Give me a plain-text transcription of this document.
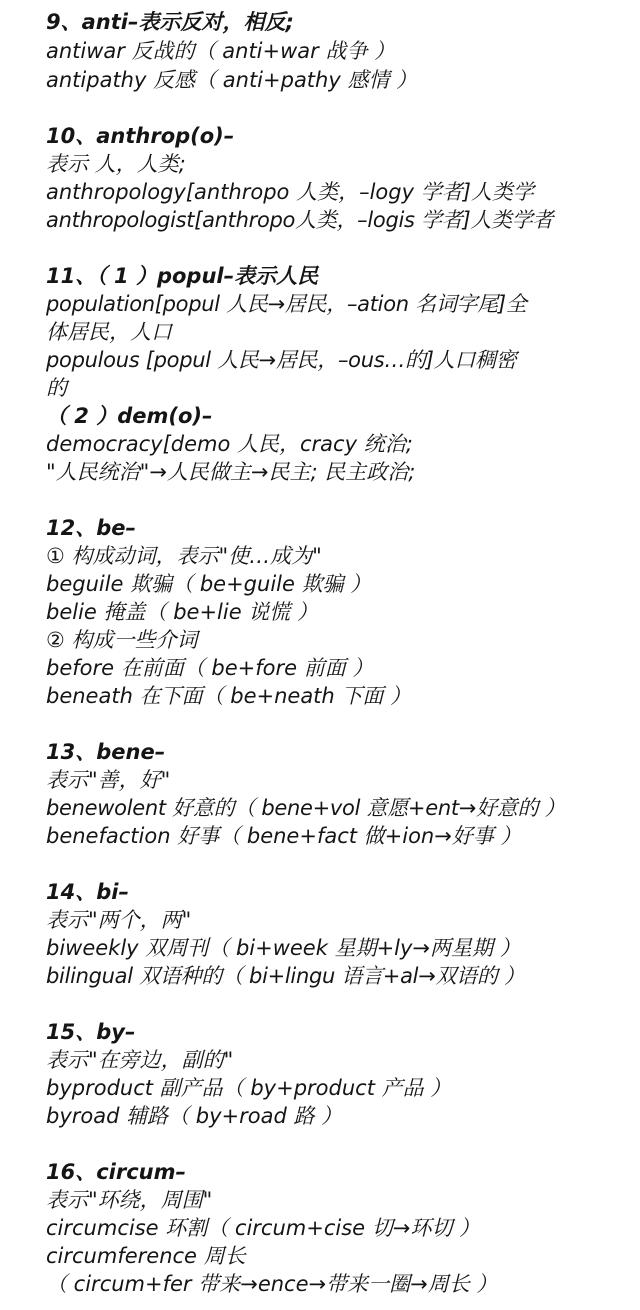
9、anti–表示反对，相反;
antiwar 反战的（ anti+war 战争 ）
antipathy 反感（ anti+pathy 感情 ）
10、anthrop(o)–
表示 人，人类;
anthropology[anthropo 人类，–logy 学者]人类学
anthropologist[anthropo人类，–logis 学者]人类学者
11、（ 1 ）popul–表示人民
population[popul 人民→居民，–ation 名词字尾]全
体居民，人口
populous [popul 人民→居民，–ous…的]人口稠密
的
（ 2 ）dem(o)–
democracy[demo 人民，cracy 统治;
"人民统治"→人民做主→民主; 民主政治;
12、be–
① 构成动词，表示"使…成为"
beguile 欺骗（ be+guile 欺骗 ）
belie 掩盖（ be+lie 说慌 ）
② 构成一些介词
before 在前面（ be+fore 前面 ）
beneath 在下面（ be+neath 下面 ）
13、bene–
表示"善，好"
benewolent 好意的（ bene+vol 意愿+ent→好意的 ）
benefaction 好事（ bene+fact 做+ion→好事 ）
14、bi–
表示"两个，两"
biweekly 双周刊（ bi+week 星期+ly→两星期 ）
bilingual 双语种的（ bi+lingu 语言+al→双语的 ）
15、by–
表示"在旁边，副的"
byproduct 副产品（ by+product 产品 ）
byroad 辅路（ by+road 路 ）
16、circum–
表示"环绕，周围"
circumcise 环割（ circum+cise 切→环切 ）
circumference 周长
（ circum+fer 带来→ence→带来一圈→周长 ）
